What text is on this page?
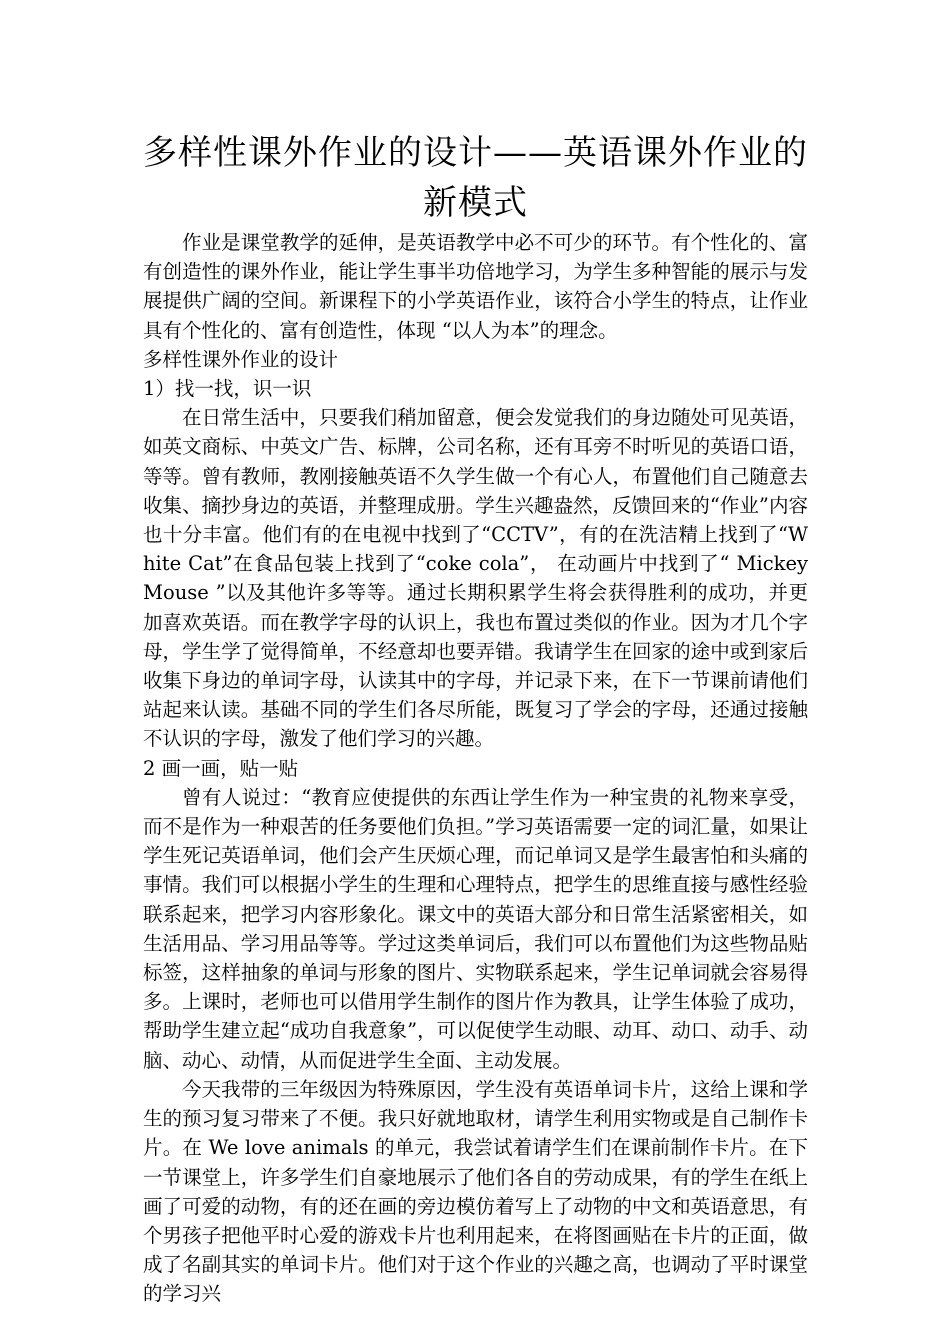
多样性课外作业的设计——英语课外作业的新模式

作业是课堂教学的延伸，是英语教学中必不可少的环节。有个性化的、富有创造性的课外作业，能让学生事半功倍地学习，为学生多种智能的展示与发展提供广阔的空间。新课程下的小学英语作业，该符合小学生的特点，让作业具有个性化的、富有创造性，体现 “以人为本”的理念。

多样性课外作业的设计

1）找一找，识一识

在日常生活中，只要我们稍加留意，便会发觉我们的身边随处可见英语，如英文商标、中英文广告、标牌，公司名称，还有耳旁不时听见的英语口语，等等。曾有教师，教刚接触英语不久学生做一个有心人，布置他们自己随意去收集、摘抄身边的英语，并整理成册。学生兴趣盎然，反馈回来的“作业”内容也十分丰富。他们有的在电视中找到了“CCTV”，有的在洗洁精上找到了“White Cat”在食品包装上找到了“coke cola”， 在动画片中找到了“ Mickey Mouse ”以及其他许多等等。通过长期积累学生将会获得胜利的成功，并更加喜欢英语。而在教学字母的认识上，我也布置过类似的作业。因为才几个字母，学生学了觉得简单，不经意却也要弄错。我请学生在回家的途中或到家后收集下身边的单词字母，认读其中的字母，并记录下来，在下一节课前请他们站起来认读。基础不同的学生们各尽所能，既复习了学会的字母，还通过接触不认识的字母，激发了他们学习的兴趣。

2 画一画，贴一贴

曾有人说过：“教育应使提供的东西让学生作为一种宝贵的礼物来享受，而不是作为一种艰苦的任务要他们负担。”学习英语需要一定的词汇量，如果让学生死记英语单词，他们会产生厌烦心理，而记单词又是学生最害怕和头痛的事情。我们可以根据小学生的生理和心理特点，把学生的思维直接与感性经验联系起来，把学习内容形象化。课文中的英语大部分和日常生活紧密相关，如生活用品、学习用品等等。学过这类单词后，我们可以布置他们为这些物品贴标签，这样抽象的单词与形象的图片、实物联系起来，学生记单词就会容易得多。上课时，老师也可以借用学生制作的图片作为教具，让学生体验了成功，帮助学生建立起“成功自我意象”，可以促使学生动眼、动耳、动口、动手、动脑、动心、动情，从而促进学生全面、主动发展。

今天我带的三年级因为特殊原因，学生没有英语单词卡片，这给上课和学生的预习复习带来了不便。我只好就地取材，请学生利用实物或是自己制作卡片。在 We love animals 的单元，我尝试着请学生们在课前制作卡片。在下一节课堂上，许多学生们自豪地展示了他们各自的劳动成果，有的学生在纸上画了可爱的动物，有的还在画的旁边模仿着写上了动物的中文和英语意思，有个男孩子把他平时心爱的游戏卡片也利用起来，在将图画贴在卡片的正面，做成了名副其实的单词卡片。他们对于这个作业的兴趣之高，也调动了平时课堂的学习兴
